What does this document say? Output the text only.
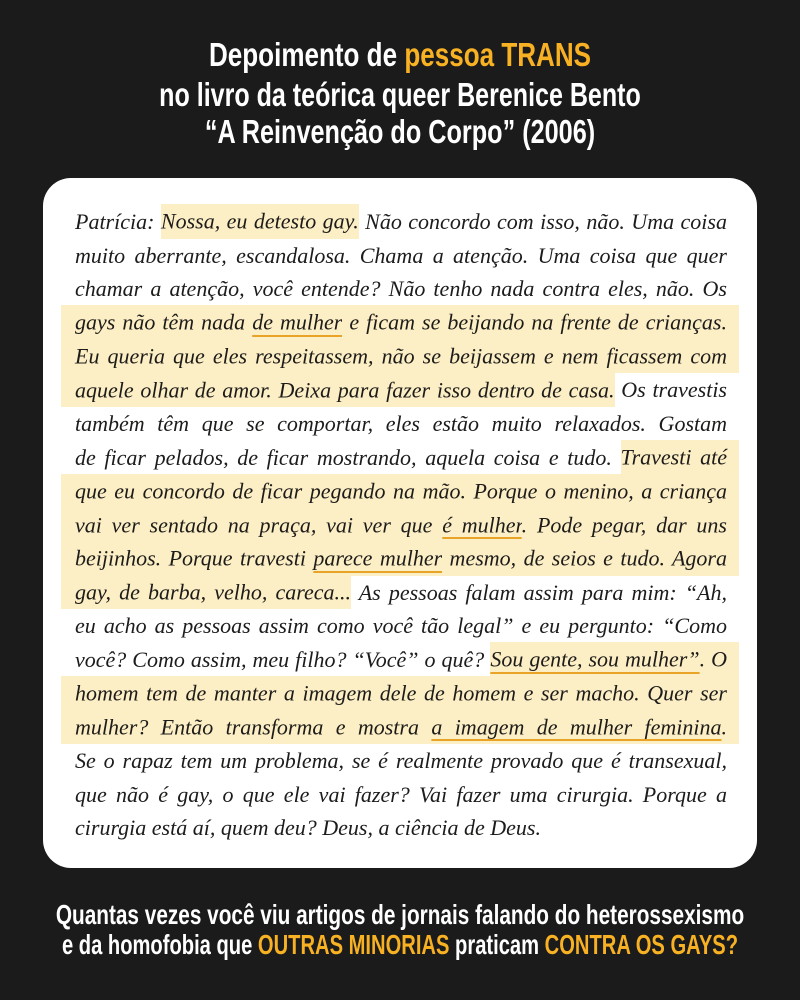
Depoimento de pessoa TRANS
no livro da teórica queer Berenice Bento
“A Reinvenção do Corpo” (2006)
Patrícia: Nossa, eu detesto gay. Não concordo com isso, não. Uma coisa
muito aberrante, escandalosa. Chama a atenção. Uma coisa que quer
chamar a atenção, você entende? Não tenho nada contra eles, não. Os
gays não têm nada de mulher e ficam se beijando na frente de crianças.
Eu queria que eles respeitassem, não se beijassem e nem ficassem com
aquele olhar de amor. Deixa para fazer isso dentro de casa. Os travestis
também têm que se comportar, eles estão muito relaxados. Gostam
de ficar pelados, de ficar mostrando, aquela coisa e tudo. Travesti até
que eu concordo de ficar pegando na mão. Porque o menino, a criança
vai ver sentado na praça, vai ver que é mulher. Pode pegar, dar uns
beijinhos. Porque travesti parece mulher mesmo, de seios e tudo. Agora
gay, de barba, velho, careca... As pessoas falam assim para mim: “Ah,
eu acho as pessoas assim como você tão legal” e eu pergunto: “Como
você? Como assim, meu filho? “Você” o quê? Sou gente, sou mulher”. O
homem tem de manter a imagem dele de homem e ser macho. Quer ser
mulher? Então transforma e mostra a imagem de mulher feminina.
Se o rapaz tem um problema, se é realmente provado que é transexual,
que não é gay, o que ele vai fazer? Vai fazer uma cirurgia. Porque a
cirurgia está aí, quem deu? Deus, a ciência de Deus.
Quantas vezes você viu artigos de jornais falando do heterossexismo
e da homofobia que OUTRAS MINORIAS praticam CONTRA OS GAYS?
